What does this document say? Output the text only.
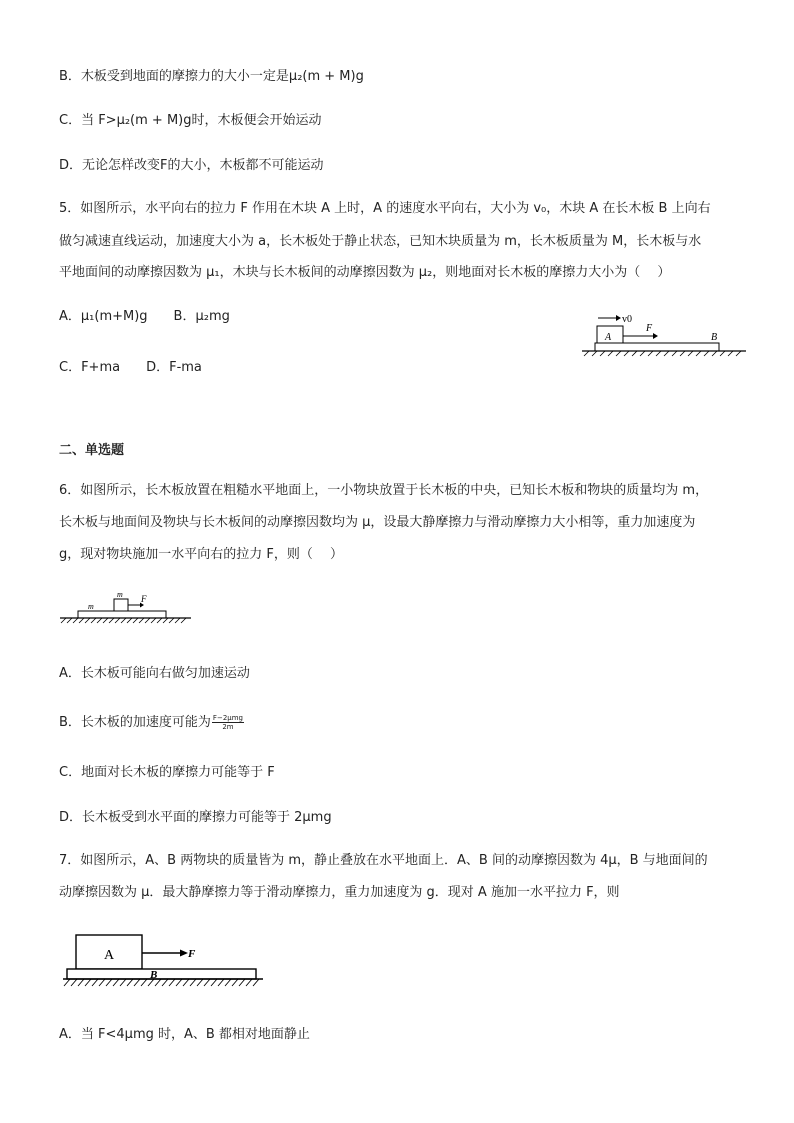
B．木板受到地面的摩擦力的大小一定是μ₂(m + M)g
C．当 F>μ₂(m + M)g时，木板便会开始运动
D．无论怎样改变F的大小，木板都不可能运动
5．如图所示，水平向右的拉力 F 作用在木块 A 上时，A 的速度水平向右，大小为 v₀，木块 A 在长木板 B 上向右
做匀减速直线运动，加速度大小为 a，长木板处于静止状态，已知木块质量为 m，长木板质量为 M，长木板与水
平地面间的动摩擦因数为 μ₁，木块与长木板间的动摩擦因数为 μ₂，则地面对长木板的摩擦力大小为（　 ）
A．μ₁(m+M)g　　B．μ₂mg
C．F+ma　　D．F-ma
v0
A
F
B
二、单选题
6．如图所示，长木板放置在粗糙水平地面上，一小物块放置于长木板的中央，已知长木板和物块的质量均为 m，
长木板与地面间及物块与长木板间的动摩擦因数均为 μ，设最大静摩擦力与滑动摩擦力大小相等，重力加速度为
g，现对物块施加一水平向右的拉力 F，则（　 ）
m F
m
A．长木板可能向右做匀加速运动
B．长木板的加速度可能为 F−2μmg
2m
C．地面对长木板的摩擦力可能等于 F
D．长木板受到水平面的摩擦力可能等于 2μmg
7．如图所示，A、B 两物块的质量皆为 m，静止叠放在水平地面上．A、B 间的动摩擦因数为 4μ，B 与地面间的
动摩擦因数为 μ．最大静摩擦力等于滑动摩擦力，重力加速度为 g．现对 A 施加一水平拉力 F，则
A	F
B
A．当 F<4μmg 时，A、B 都相对地面静止
